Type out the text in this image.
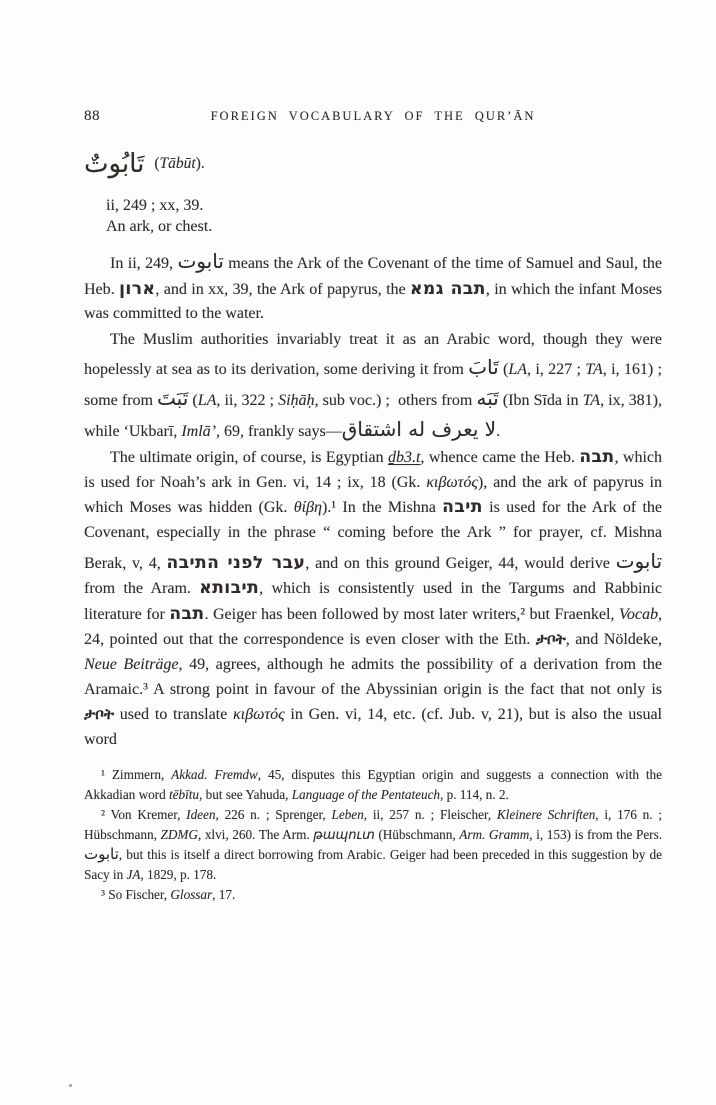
88	FOREIGN VOCABULARY OF THE QUR’ĀN
تَابُوتٌ (Tābūt).
ii, 249 ; xx, 39.
An ark, or chest.

In ii, 249, تابوت means the Ark of the Covenant of the time of Samuel and Saul, the Heb. ארון, and in xx, 39, the Ark of papyrus, the תבה גמא, in which the infant Moses was committed to the water.

The Muslim authorities invariably treat it as an Arabic word, though they were hopelessly at sea as to its derivation, some deriving it from تَابَ (LA, i, 227 ; TA, i, 161) ; some from تَبَتَ (LA, ii, 322 ; Siḥāḥ, sub voc.) ;  others from تَبَه (Ibn Sīda in TA, ix, 381), while ‘Ukbarī, Imlā’, 69, frankly says—لا يعرف له اشتقاق.

The ultimate origin, of course, is Egyptian ḏb3.t, whence came the Heb. תבה, which is used for Noah’s ark in Gen. vi, 14 ; ix, 18 (Gk. κιβωτός), and the ark of papyrus in which Moses was hidden (Gk. θίβη).¹ In the Mishna תיבה is used for the Ark of the Covenant, especially in the phrase “ coming before the Ark ” for prayer, cf. Mishna Berak, v, 4, עבר לפני התיבה, and on this ground Geiger, 44, would derive تابوت from the Aram. תיבותא, which is consistently used in the Targums and Rabbinic literature for תבה. Geiger has been followed by most later writers,² but Fraenkel, Vocab, 24, pointed out that the correspondence is even closer with the Eth. ታቦት, and Nöldeke, Neue Beiträge, 49, agrees, although he admits the possibility of a derivation from the Aramaic.³ A strong point in favour of the Abyssinian origin is the fact that not only is ታቦት used to translate κιβωτός in Gen. vi, 14, etc. (cf. Jub. v, 21), but is also the usual word

¹ Zimmern, Akkad. Fremdw, 45, disputes this Egyptian origin and suggests a connection with the Akkadian word tēbītu, but see Yahuda, Language of the Pentateuch, p. 114, n. 2.

² Von Kremer, Ideen, 226 n. ; Sprenger, Leben, ii, 257 n. ; Fleischer, Kleinere Schriften, i, 176 n. ; Hübschmann, ZDMG, xlvi, 260. The Arm. թապուտ (Hübschmann, Arm. Gramm, i, 153) is from the Pers. تابوت, but this is itself a direct borrowing from Arabic. Geiger had been preceded in this suggestion by de Sacy in JA, 1829, p. 178.

³ So Fischer, Glossar, 17.
